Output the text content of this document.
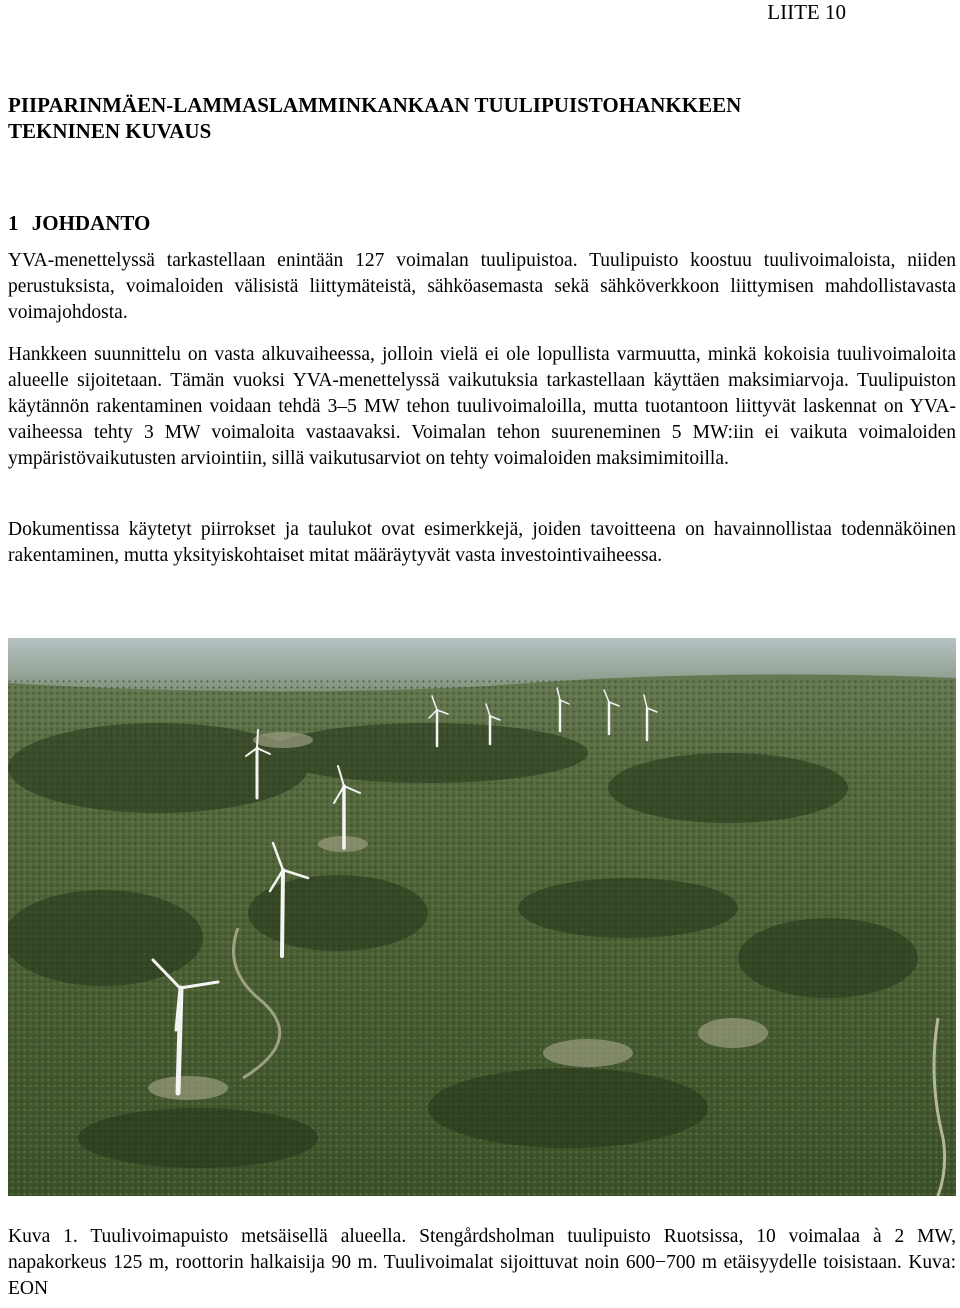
LIITE 10
PIIPARINMÄEN-LAMMASLAMMINKANKAAN TUULIPUISTOHANKKEEN
TEKNINEN KUVAUS
1 JOHDANTO

YVA-menettelyssä tarkastellaan enintään 127 voimalan tuulipuistoa. Tuulipuisto koostuu tuulivoimaloista, niiden perustuksista, voimaloiden välisistä liittymäteistä, sähköasemasta sekä sähköverkkoon liittymisen mahdollistavasta voimajohdosta.

Hankkeen suunnittelu on vasta alkuvaiheessa, jolloin vielä ei ole lopullista varmuutta, minkä kokoisia tuulivoimaloita alueelle sijoitetaan. Tämän vuoksi YVA-menettelyssä vaikutuksia tarkastellaan käyttäen maksimiarvoja. Tuulipuiston käytännön rakentaminen voidaan tehdä 3–5 MW tehon tuulivoimaloilla, mutta tuotantoon liittyvät laskennat on YVA-vaiheessa tehty 3 MW voimaloita vastaavaksi. Voimalan tehon suureneminen 5 MW:iin ei vaikuta voimaloiden ympäristövaikutusten arviointiin, sillä vaikutusarviot on tehty voimaloiden maksimimitoilla.

Dokumentissa käytetyt piirrokset ja taulukot ovat esimerkkejä, joiden tavoitteena on havainnollistaa todennäköinen rakentaminen, mutta yksityiskohtaiset mitat määräytyvät vasta investointivaiheessa.

Kuva 1. Tuulivoimapuisto metsäisellä alueella. Stengårdsholman tuulipuisto Ruotsissa, 10 voimalaa à 2 MW, napakorkeus 125 m, roottorin halkaisija 90 m. Tuulivoimalat sijoittuvat noin 600−700 m etäisyydelle toisistaan. Kuva: EON
